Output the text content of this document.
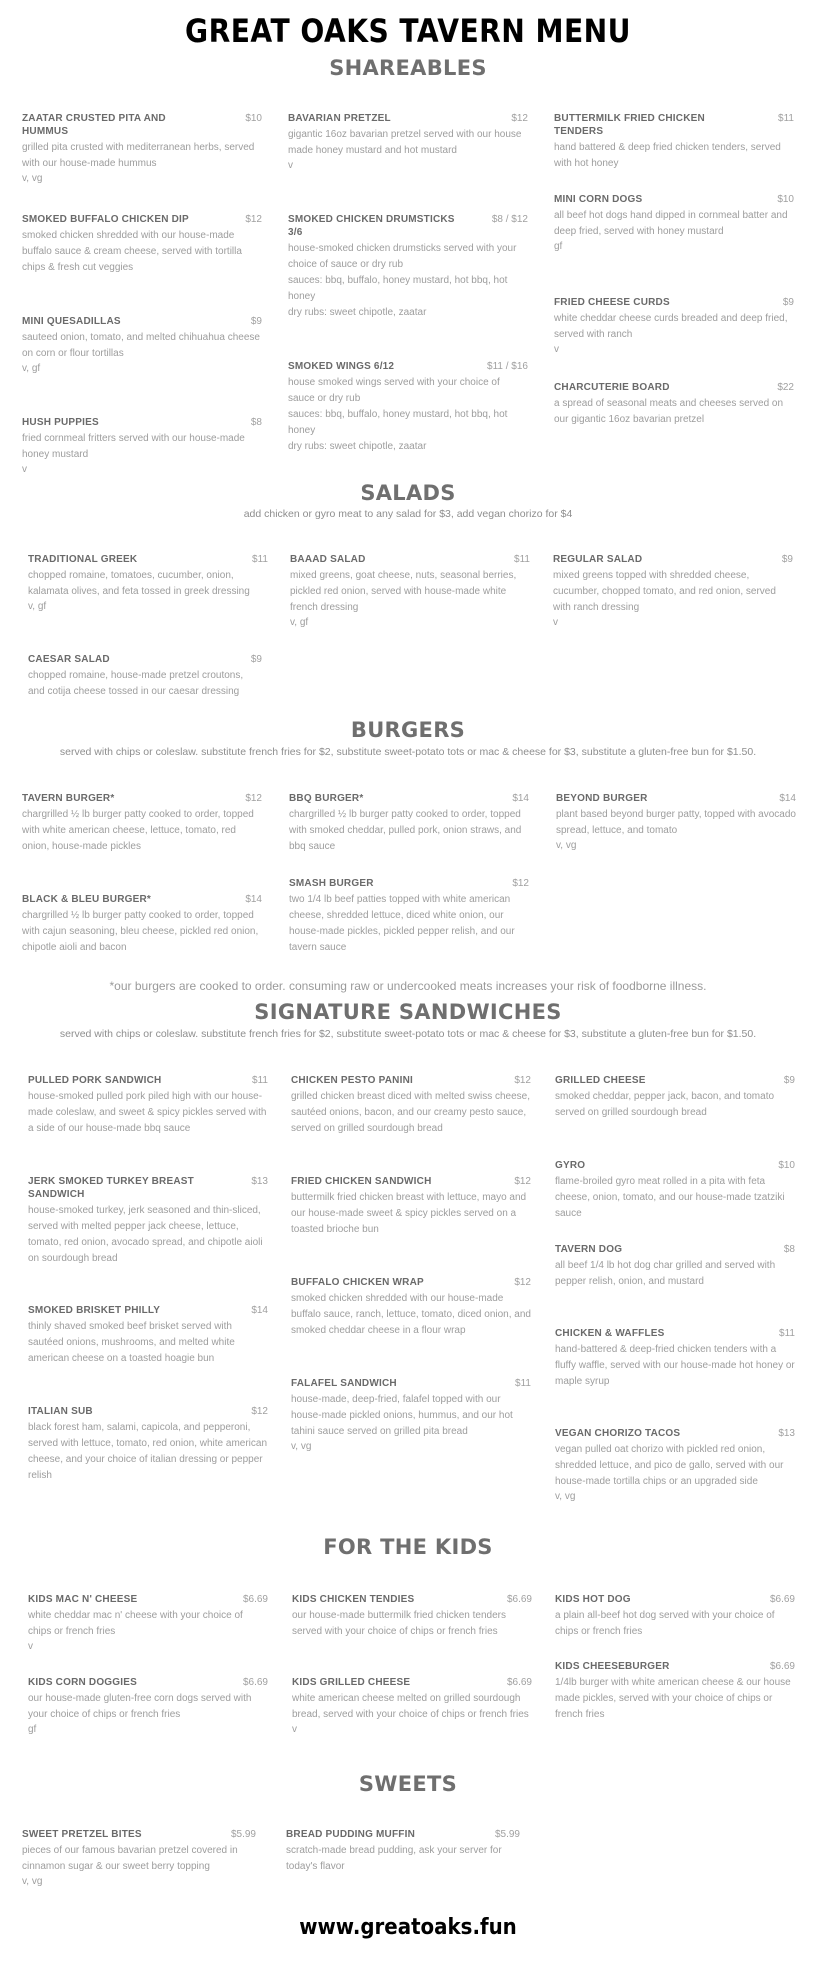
GREAT OAKS TAVERN MENU
SHAREABLES
ZAATAR CRUSTED PITA AND HUMMUS
$10
grilled pita crusted with mediterranean herbs, served with our house-made hummus
v, vg
SMOKED BUFFALO CHICKEN DIP	$12
smoked chicken shredded with our house-made buffalo sauce & cream cheese, served with tortilla chips & fresh cut veggies
MINI QUESADILLAS	$9
sauteed onion, tomato, and melted chihuahua cheese on corn or flour tortillas
v, gf
HUSH PUPPIES	$8
fried cornmeal fritters served with our house-made honey mustard
v
BAVARIAN PRETZEL	$12
gigantic 16oz bavarian pretzel served with our house made honey mustard and hot mustard
v
SMOKED CHICKEN DRUMSTICKS 3/6
$8 / $12
house-smoked chicken drumsticks served with your choice of sauce or dry rub
sauces: bbq, buffalo, honey mustard, hot bbq, hot honey
dry rubs: sweet chipotle, zaatar
SMOKED WINGS 6/12	$11 / $16
house smoked wings served with your choice of sauce or dry rub
sauces: bbq, buffalo, honey mustard, hot bbq, hot honey
dry rubs: sweet chipotle, zaatar
BUTTERMILK FRIED CHICKEN TENDERS
$11
hand battered & deep fried chicken tenders, served with hot honey
MINI CORN DOGS	$10
all beef hot dogs hand dipped in cornmeal batter and deep fried, served with honey mustard
gf
FRIED CHEESE CURDS	$9
white cheddar cheese curds breaded and deep fried, served with ranch
v
CHARCUTERIE BOARD	$22
a spread of seasonal meats and cheeses served on our gigantic 16oz bavarian pretzel
SALADS
add chicken or gyro meat to any salad for $3, add vegan chorizo for $4
TRADITIONAL GREEK	$11
chopped romaine, tomatoes, cucumber, onion, kalamata olives, and feta tossed in greek dressing
v, gf
CAESAR SALAD	$9
chopped romaine, house-made pretzel croutons, and cotija cheese tossed in our caesar dressing
BAAAD SALAD	$11
mixed greens, goat cheese, nuts, seasonal berries, pickled red onion, served with house-made white french dressing
v, gf
REGULAR SALAD	$9
mixed greens topped with shredded cheese, cucumber, chopped tomato, and red onion, served with ranch dressing
v
BURGERS
served with chips or coleslaw. substitute french fries for $2, substitute sweet-potato tots or mac & cheese for $3, substitute a gluten-free bun for $1.50.
TAVERN BURGER*	$12
chargrilled ½ lb burger patty cooked to order, topped with white american cheese, lettuce, tomato, red onion, house-made pickles
BLACK & BLEU BURGER*	$14
chargrilled ½ lb burger patty cooked to order, topped with cajun seasoning, bleu cheese, pickled red onion, chipotle aioli and bacon
BBQ BURGER*	$14
chargrilled ½ lb burger patty cooked to order, topped with smoked cheddar, pulled pork, onion straws, and bbq sauce
SMASH BURGER	$12
two 1/4 lb beef patties topped with white american cheese, shredded lettuce, diced white onion, our house-made pickles, pickled pepper relish, and our tavern sauce
BEYOND BURGER	$14
plant based beyond burger patty, topped with avocado spread, lettuce, and tomato
v, vg
*our burgers are cooked to order. consuming raw or undercooked meats increases your risk of foodborne illness.
SIGNATURE SANDWICHES
served with chips or coleslaw. substitute french fries for $2, substitute sweet-potato tots or mac & cheese for $3, substitute a gluten-free bun for $1.50.
PULLED PORK SANDWICH	$11
house-smoked pulled pork piled high with our house-made coleslaw, and sweet & spicy pickles served with a side of our house-made bbq sauce
JERK SMOKED TURKEY BREAST SANDWICH
$13
house-smoked turkey, jerk seasoned and thin-sliced, served with melted pepper jack cheese, lettuce, tomato, red onion, avocado spread, and chipotle aioli on sourdough bread
SMOKED BRISKET PHILLY	$14
thinly shaved smoked beef brisket served with sautéed onions, mushrooms, and melted white american cheese on a toasted hoagie bun
ITALIAN SUB	$12
black forest ham, salami, capicola, and pepperoni, served with lettuce, tomato, red onion, white american cheese, and your choice of italian dressing or pepper relish
CHICKEN PESTO PANINI	$12
grilled chicken breast diced with melted swiss cheese, sautéed onions, bacon, and our creamy pesto sauce, served on grilled sourdough bread
FRIED CHICKEN SANDWICH	$12
buttermilk fried chicken breast with lettuce, mayo and our house-made sweet & spicy pickles served on a toasted brioche bun
BUFFALO CHICKEN WRAP	$12
smoked chicken shredded with our house-made buffalo sauce, ranch, lettuce, tomato, diced onion, and smoked cheddar cheese in a flour wrap
FALAFEL SANDWICH	$11
house-made, deep-fried, falafel topped with our house-made pickled onions, hummus, and our hot tahini sauce served on grilled pita bread
v, vg
GRILLED CHEESE	$9
smoked cheddar, pepper jack, bacon, and tomato served on grilled sourdough bread
GYRO	$10
flame-broiled gyro meat rolled in a pita with feta cheese, onion, tomato, and our house-made tzatziki sauce
TAVERN DOG	$8
all beef 1/4 lb hot dog char grilled and served with pepper relish, onion, and mustard
CHICKEN & WAFFLES	$11
hand-battered & deep-fried chicken tenders with a fluffy waffle, served with our house-made hot honey or maple syrup
VEGAN CHORIZO TACOS	$13
vegan pulled oat chorizo with pickled red onion, shredded lettuce, and pico de gallo, served with our house-made tortilla chips or an upgraded side
v, vg
FOR THE KIDS
KIDS MAC N' CHEESE	$6.69
white cheddar mac n' cheese with your choice of chips or french fries
v
KIDS CORN DOGGIES	$6.69
our house-made gluten-free corn dogs served with your choice of chips or french fries
gf
KIDS CHICKEN TENDIES	$6.69
our house-made buttermilk fried chicken tenders served with your choice of chips or french fries
KIDS GRILLED CHEESE	$6.69
white american cheese melted on grilled sourdough bread, served with your choice of chips or french fries
v
KIDS HOT DOG	$6.69
a plain all-beef hot dog served with your choice of chips or french fries
KIDS CHEESEBURGER	$6.69
1/4lb burger with white american cheese & our house made pickles, served with your choice of chips or french fries
SWEETS
SWEET PRETZEL BITES	$5.99
pieces of our famous bavarian pretzel covered in cinnamon sugar & our sweet berry topping
v, vg
BREAD PUDDING MUFFIN	$5.99
scratch-made bread pudding, ask your server for today's flavor
www.greatoaks.fun
